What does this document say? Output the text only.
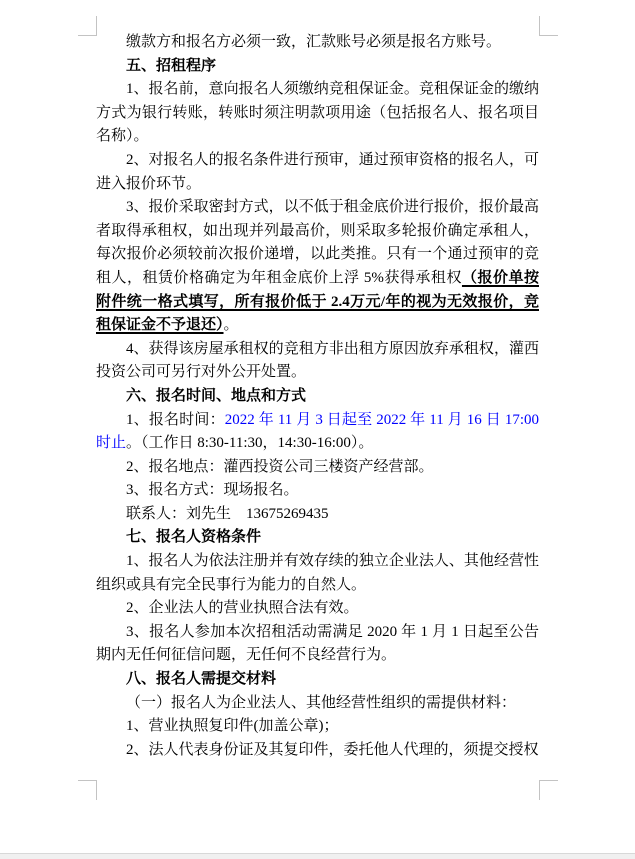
缴款方和报名方必须一致，汇款账号必须是报名方账号。

五、招租程序

1、报名前，意向报名人须缴纳竞租保证金。竞租保证金的缴纳方式为银行转账，转账时须注明款项用途（包括报名人、报名项目名称）。

2、对报名人的报名条件进行预审，通过预审资格的报名人，可进入报价环节。

3、报价采取密封方式，以不低于租金底价进行报价，报价最高者取得承租权，如出现并列最高价，则采取多轮报价确定承租人，每次报价必须较前次报价递增，以此类推。只有一个通过预审的竞租人，租赁价格确定为年租金底价上浮 5%获得承租权（报价单按附件统一格式填写，所有报价低于 2.4万元/年的视为无效报价，竞租保证金不予退还）。

4、获得该房屋承租权的竞租方非出租方原因放弃承租权，灌西投资公司可另行对外公开处置。

六、报名时间、地点和方式

1、报名时间：2022 年 11 月 3 日起至 2022 年 11 月 16 日 17:00 时止。（工作日 8:30-11:30，14:30-16:00）。

2、报名地点：灌西投资公司三楼资产经营部。

3、报名方式：现场报名。

联系人：刘先生　13675269435

七、报名人资格条件

1、报名人为依法注册并有效存续的独立企业法人、其他经营性组织或具有完全民事行为能力的自然人。

2、企业法人的营业执照合法有效。

3、报名人参加本次招租活动需满足 2020 年 1 月 1 日起至公告期内无任何征信问题，无任何不良经营行为。

八、报名人需提交材料

（一）报名人为企业法人、其他经营性组织的需提供材料：

1、营业执照复印件(加盖公章)；

2、法人代表身份证及其复印件，委托他人代理的，须提交授权
